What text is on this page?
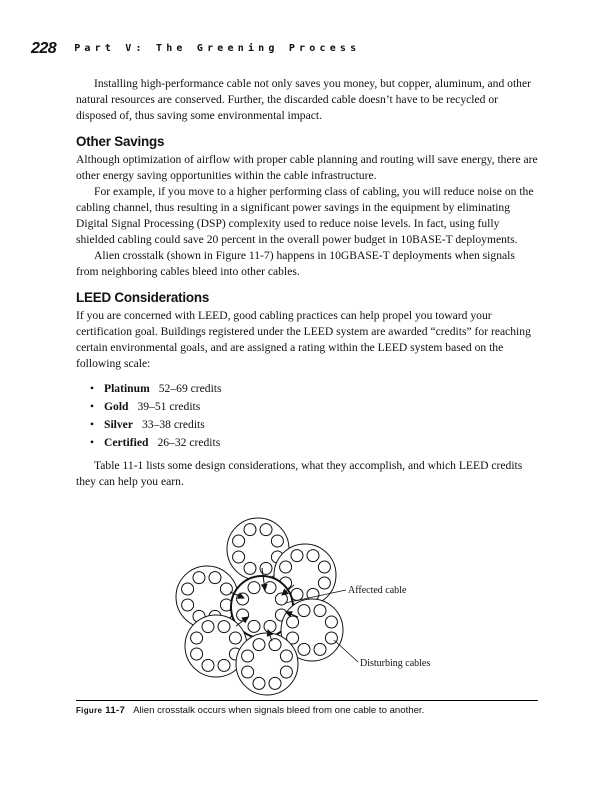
228 Part V: The Greening Process

Installing high-performance cable not only saves you money, but copper, aluminum, and other natural resources are conserved. Further, the discarded cable doesn’t have to be recycled or disposed of, thus saving some environmental impact.

Other Savings

Although optimization of airflow with proper cable planning and routing will save energy, there are other energy saving opportunities within the cable infrastructure.

For example, if you move to a higher performing class of cabling, you will reduce noise on the cabling channel, thus resulting in a significant power savings in the equipment by eliminating Digital Signal Processing (DSP) complexity used to reduce noise levels. In fact, using fully shielded cabling could save 20 percent in the overall power budget in 10BASE-T deployments.

Alien crosstalk (shown in Figure 11-7) happens in 10GBASE-T deployments when signals from neighboring cables bleed into other cables.

LEED Considerations

If you are concerned with LEED, good cabling practices can help propel you toward your certification goal. Buildings registered under the LEED system are awarded “credits” for reaching certain environmental goals, and are assigned a rating within the LEED system based on the following scale:

• Platinum 52–69 credits
• Gold 39–51 credits
• Silver 33–38 credits
• Certified 26–32 credits

Table 11-1 lists some design considerations, what they accomplish, and which LEED credits they can help you earn.

Affected cable
Disturbing cables
Figure 11-7 Alien crosstalk occurs when signals bleed from one cable to another.
